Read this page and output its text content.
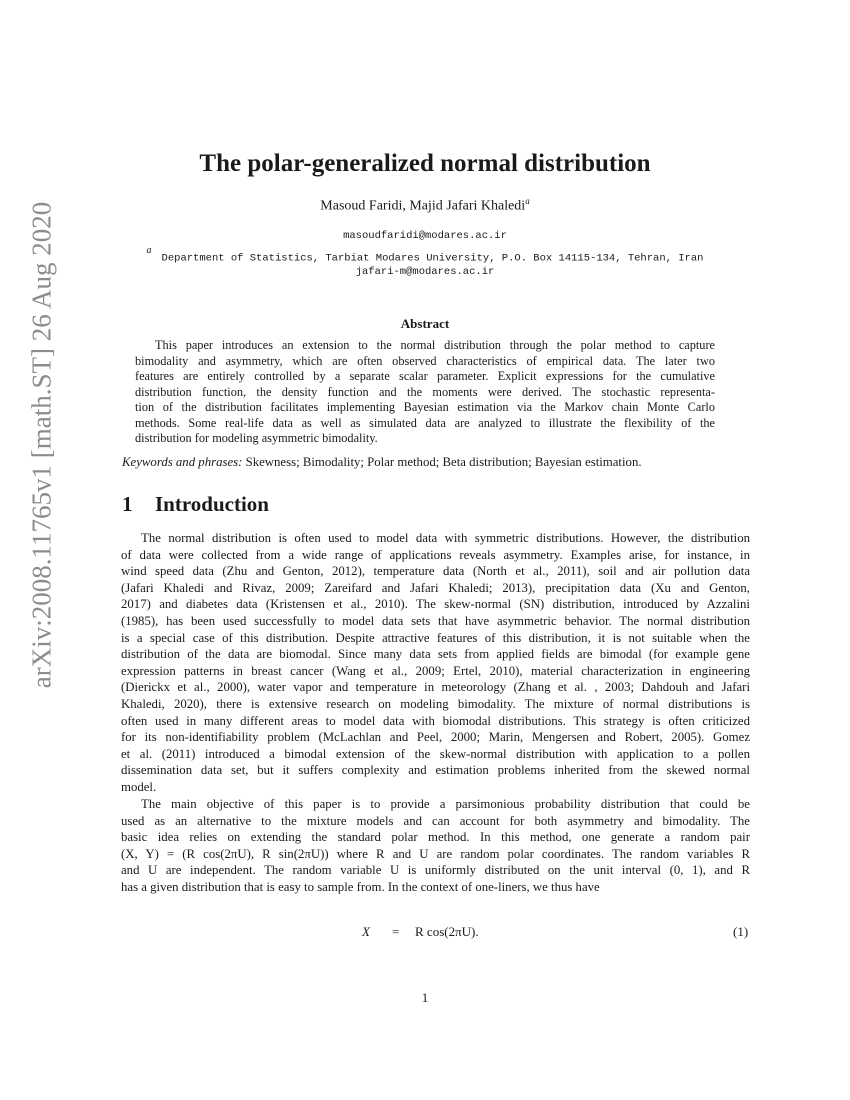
arXiv:2008.11765v1 [math.ST] 26 Aug 2020
The polar-generalized normal distribution
Masoud Faridi, Majid Jafari Khaledi$^a$
masoudfaridi@modares.ac.ir
$^a$Department of Statistics, Tarbiat Modares University, P.O. Box 14115-134, Tehran, Iran
jafari-m@modares.ac.ir
Abstract
This paper introduces an extension to the normal distribution through the polar method to capture
bimodality and asymmetry, which are often observed characteristics of empirical data. The later two
features are entirely controlled by a separate scalar parameter. Explicit expressions for the cumulative
distribution function, the density function and the moments were derived. The stochastic representa-
tion of the distribution facilitates implementing Bayesian estimation via the Markov chain Monte Carlo
methods. Some real-life data as well as simulated data are analyzed to illustrate the flexibility of the
distribution for modeling asymmetric bimodality.
Keywords and phrases: Skewness; Bimodality; Polar method; Beta distribution; Bayesian estimation.
1 Introduction
The normal distribution is often used to model data with symmetric distributions. However, the distribution
of data were collected from a wide range of applications reveals asymmetry. Examples arise, for instance, in
wind speed data (Zhu and Genton, 2012), temperature data (North et al., 2011), soil and air pollution data
(Jafari Khaledi and Rivaz, 2009; Zareifard and Jafari Khaledi; 2013), precipitation data (Xu and Genton,
2017) and diabetes data (Kristensen et al., 2010). The skew-normal (SN) distribution, introduced by Azzalini
(1985), has been used successfully to model data sets that have asymmetric behavior. The normal distribution
is a special case of this distribution. Despite attractive features of this distribution, it is not suitable when the
distribution of the data are biomodal. Since many data sets from applied fields are bimodal (for example gene
expression patterns in breast cancer (Wang et al., 2009; Ertel, 2010), material characterization in engineering
(Dierickx et al., 2000), water vapor and temperature in meteorology (Zhang et al. , 2003; Dahdouh and Jafari
Khaledi, 2020), there is extensive research on modeling bimodality. The mixture of normal distributions is
often used in many different areas to model data with biomodal distributions. This strategy is often criticized
for its non-identifiability problem (McLachlan and Peel, 2000; Marin, Mengersen and Robert, 2005). Gomez
et al. (2011) introduced a bimodal extension of the skew-normal distribution with application to a pollen
dissemination data set, but it suffers complexity and estimation problems inherited from the skewed normal
model.
The main objective of this paper is to provide a parsimonious probability distribution that could be
used as an alternative to the mixture models and can account for both asymmetry and bimodality. The
basic idea relies on extending the standard polar method. In this method, one generate a random pair
(X, Y) = (R cos(2πU), R sin(2πU)) where R and U are random polar coordinates. The random variables R
and U are independent. The random variable U is uniformly distributed on the unit interval (0, 1), and R
has a given distribution that is easy to sample from. In the context of one-liners, we thus have
X = R cos(2πU).	(1)
1
